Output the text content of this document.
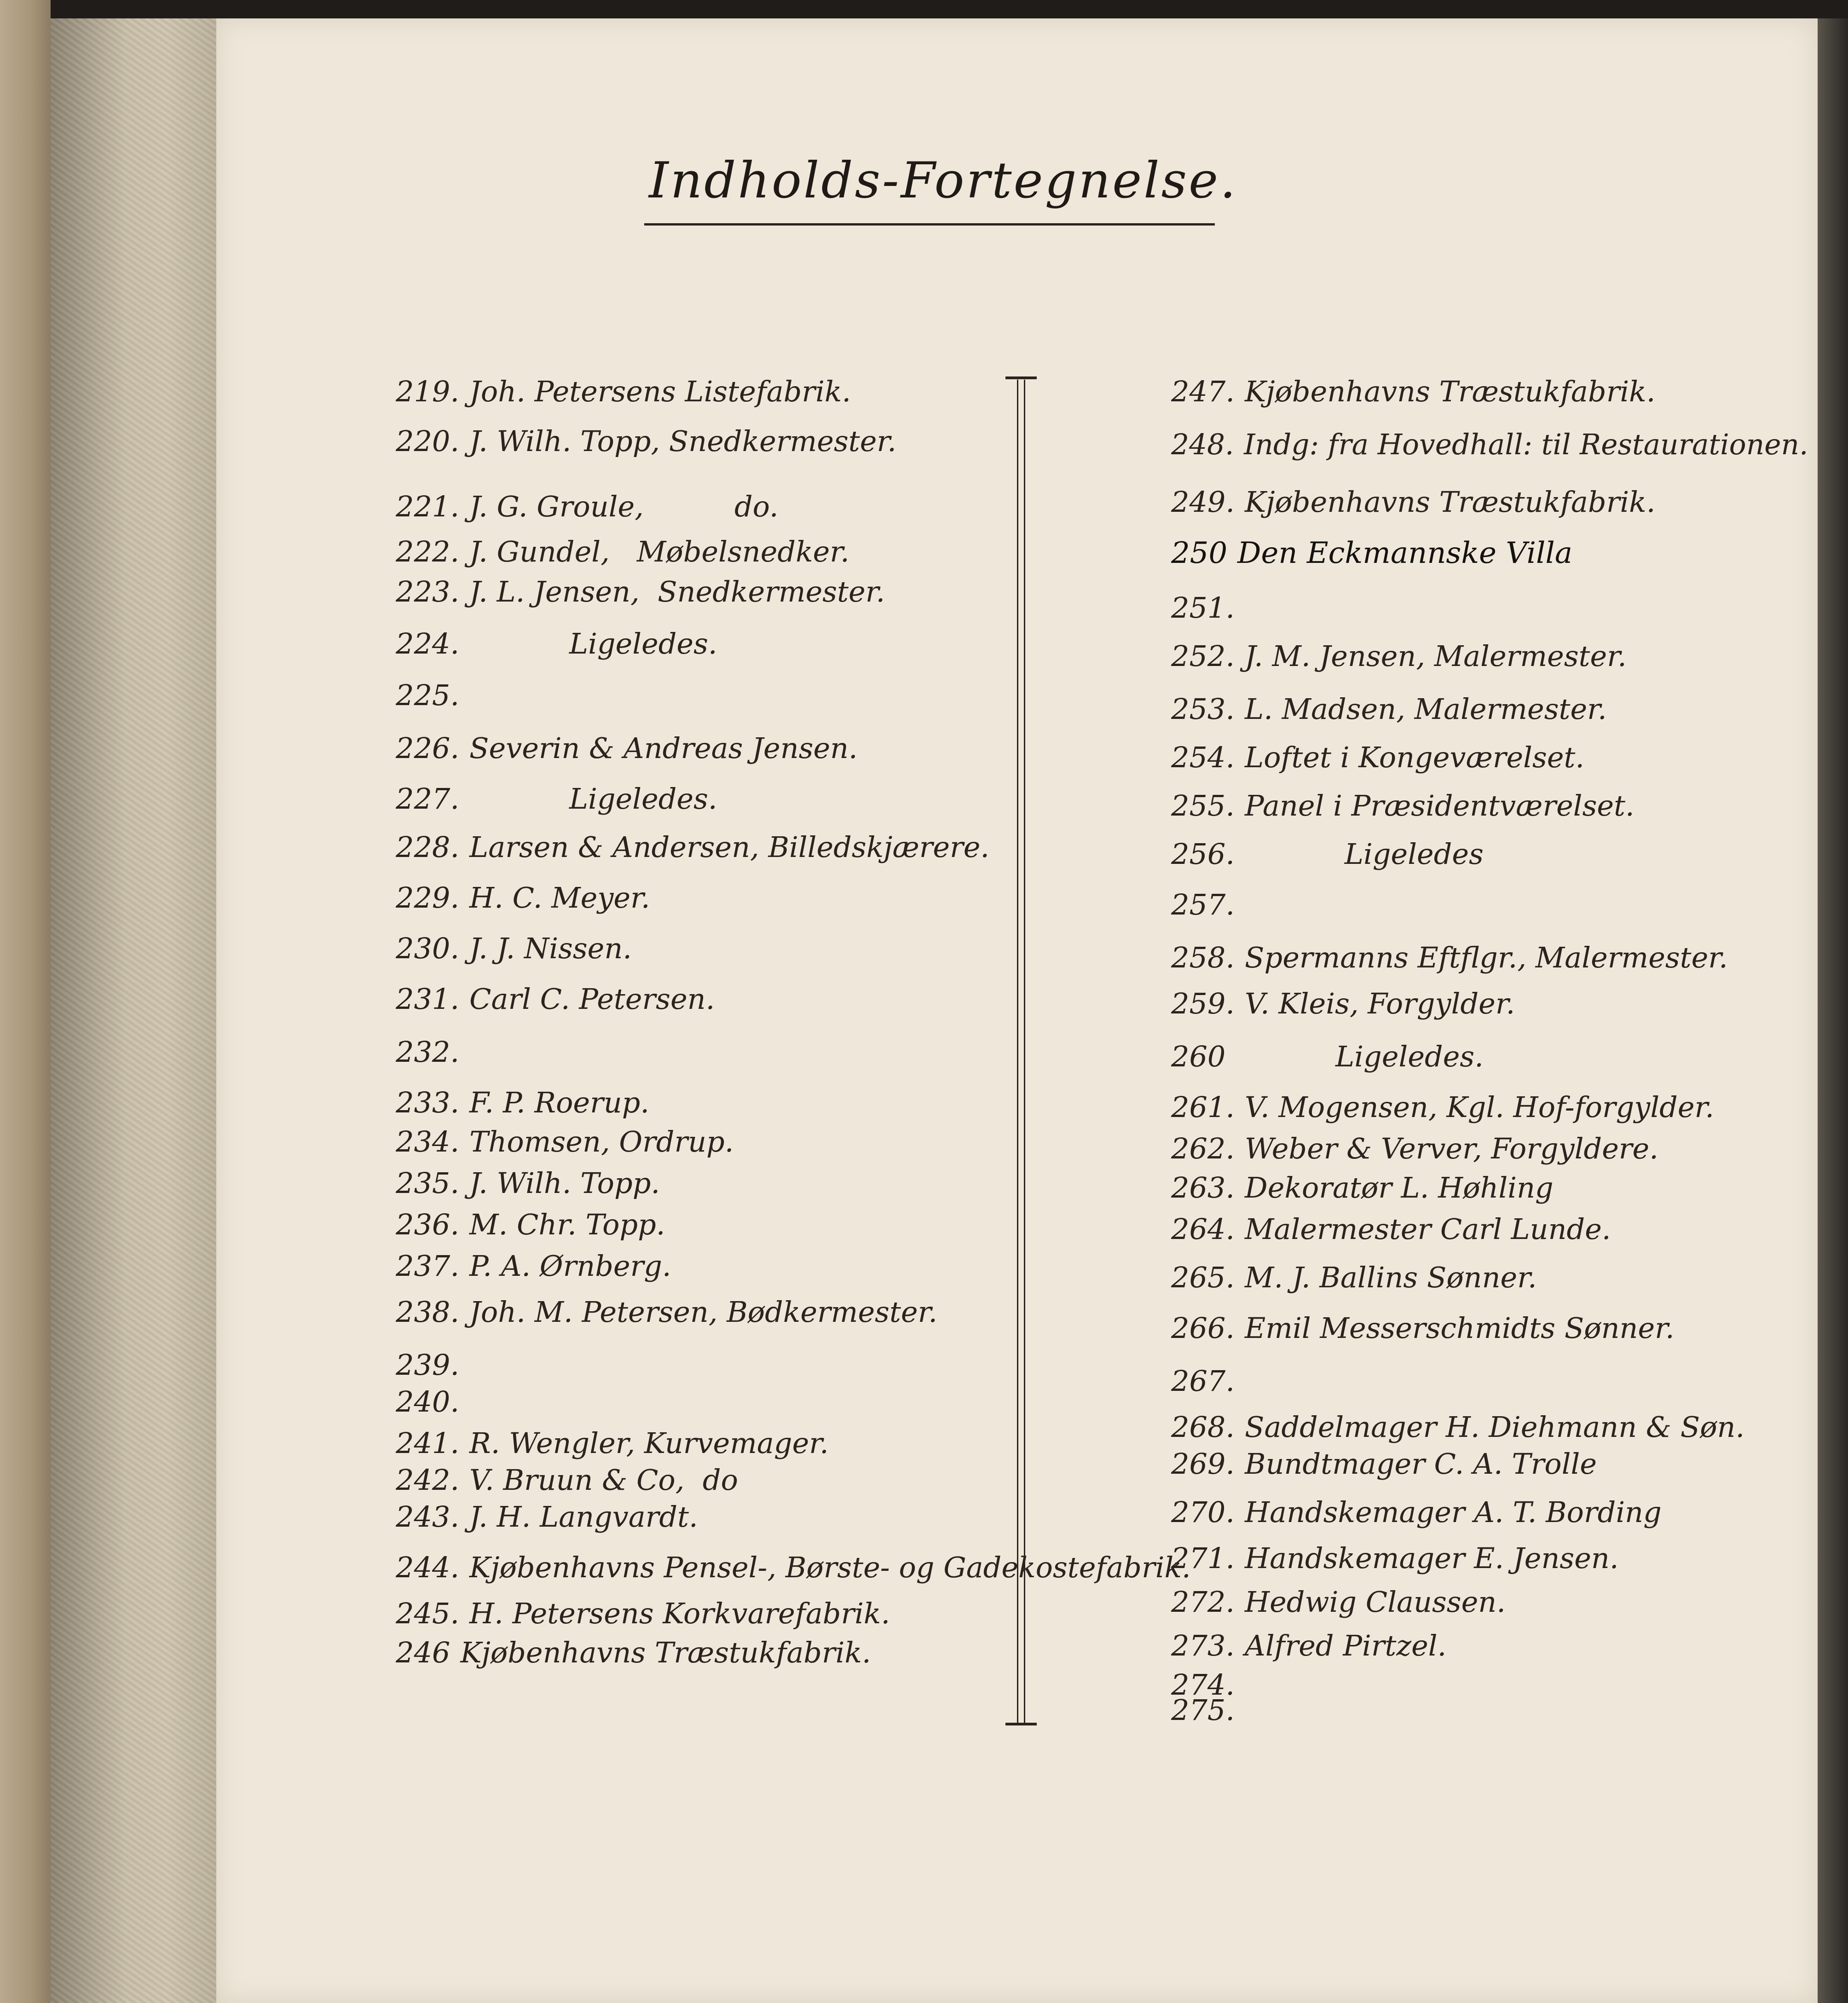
Indholds-Fortegnelse.
219. Joh. Petersens Listefabrik.
220. J. Wilh. Topp, Snedkermester.
221. J. G. Groule,          do.
222. J. Gundel,   Møbelsnedker.
223. J. L. Jensen,  Snedkermester.
224.           Ligeledes.
225.
226. Severin & Andreas Jensen.
227.           Ligeledes.
228. Larsen & Andersen, Billedskjærere.
229. H. C. Meyer.
230. J. J. Nissen.
231. Carl C. Petersen.
232.
233. F. P. Roerup.
234. Thomsen, Ordrup.
235. J. Wilh. Topp.
236. M. Chr. Topp.
237. P. A. Ørnberg.
238. Joh. M. Petersen, Bødkermester.
239.
240.
241. R. Wengler, Kurvemager.
242. V. Bruun & Co,  do
243. J. H. Langvardt.
244. Kjøbenhavns Pensel-, Børste- og Gadekostefabrik.
245. H. Petersens Korkvarefabrik.
246 Kjøbenhavns Træstukfabrik.
247. Kjøbenhavns Træstukfabrik.
248. Indg: fra Hovedhall: til Restaurationen.
249. Kjøbenhavns Træstukfabrik.
250 Den Eckmannske Villa
251.
252. J. M. Jensen, Malermester.
253. L. Madsen, Malermester.
254. Loftet i Kongeværelset.
255. Panel i Præsidentværelset.
256.           Ligeledes
257.
258. Spermanns Eftflgr., Malermester.
259. V. Kleis, Forgylder.
260           Ligeledes.
261. V. Mogensen, Kgl. Hof-forgylder.
262. Weber & Verver, Forgyldere.
263. Dekoratør L. Høhling
264. Malermester Carl Lunde.
265. M. J. Ballins Sønner.
266. Emil Messerschmidts Sønner.
267.
268. Saddelmager H. Diehmann & Søn.
269. Bundtmager C. A. Trolle
270. Handskemager A. T. Bording
271. Handskemager E. Jensen.
272. Hedwig Claussen.
273. Alfred Pirtzel.
274.
275.
